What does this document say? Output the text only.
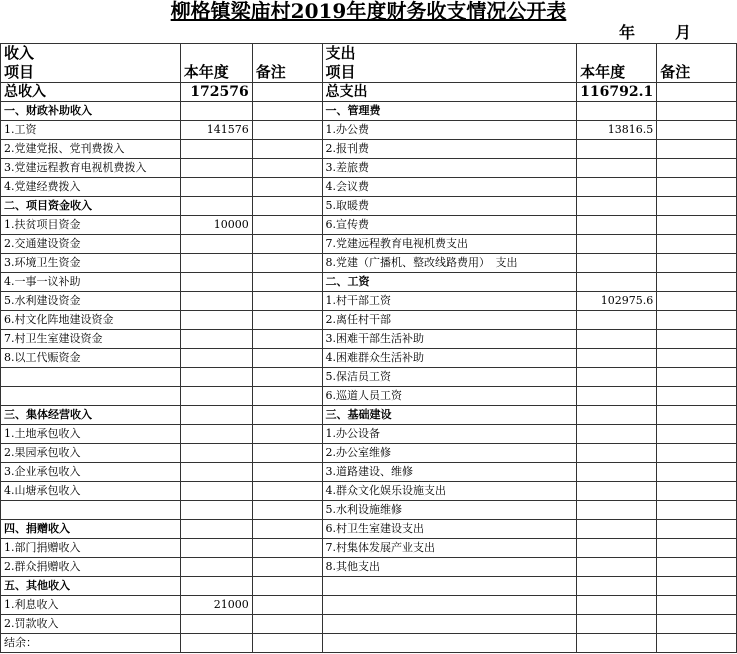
柳格镇梁庙村2019年度财务收支情况公开表
年	月
收入			支出		
项目	本年度	备注	项目	本年度	备注
总收入	172576		总支出	116792.1	
一、财政补助收入			一、管理费		
1.工资	141576		1.办公费	13816.5	
2.党建党报、党刊费拨入			2.报刊费		
3.党建远程教育电视机费拨入			3.差旅费		
4.党建经费拨入			4.会议费		
二、项目资金收入			5.取暖费		
1.扶贫项目资金	10000		6.宣传费		
2.交通建设资金			7.党建远程教育电视机费支出		
3.环境卫生资金			8.党建（广播机、整改线路费用）　支出		
4.一事一议补助			二、工资		
5.水利建设资金			1.村干部工资	102975.6	
6.村文化阵地建设资金			2.离任村干部		
7.村卫生室建设资金			3.困难干部生活补助		
8.以工代赈资金			4.困难群众生活补助		
			5.保洁员工资		
			6.巡道人员工资		
三、集体经营收入			三、基础建设		
1.土地承包收入			1.办公设备		
2.果园承包收入			2.办公室维修		
3.企业承包收入			3.道路建设、维修		
4.山塘承包收入			4.群众文化娱乐设施支出		
			5.水利设施维修		
四、捐赠收入			6.村卫生室建设支出		
1.部门捐赠收入			7.村集体发展产业支出		
2.群众捐赠收入			8.其他支出		
五、其他收入					
1.利息收入	21000				
2.罚款收入					
结余：					
